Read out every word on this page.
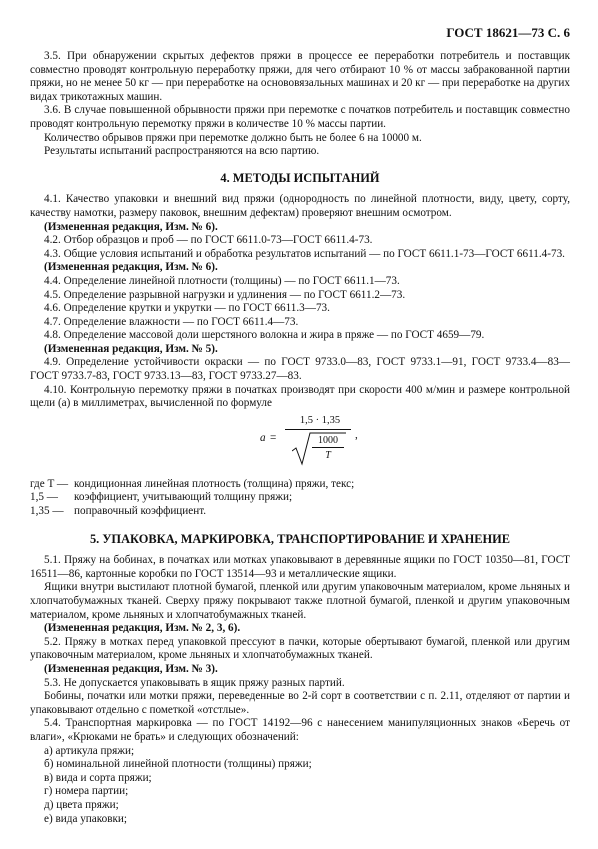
ГОСТ 18621—73 С. 6

3.5. При обнаружении скрытых дефектов пряжи в процессе ее переработки потребитель и поставщик совместно проводят контрольную переработку пряжи, для чего отбирают 10 % от массы забракованной партии пряжи, но не менее 50 кг — при переработке на основовязальных машинах и 20 кг — при переработке на других видах трикотажных машин.

3.6. В случае повышенной обрывности пряжи при перемотке с початков потребитель и поставщик совместно проводят контрольную перемотку пряжи в количестве 10 % массы партии.

Количество обрывов пряжи при перемотке должно быть не более 6 на 10000 м.

Результаты испытаний распространяются на всю партию.

4. МЕТОДЫ ИСПЫТАНИЙ

4.1. Качество упаковки и внешний вид пряжи (однородность по линейной плотности, виду, цвету, сорту, качеству намотки, размеру паковок, внешним дефектам) проверяют внешним осмотром.

(Измененная редакция, Изм. № 6).

4.2. Отбор образцов и проб — по ГОСТ 6611.0-73—ГОСТ 6611.4-73.

4.3. Общие условия испытаний и обработка результатов испытаний — по ГОСТ 6611.1-73—ГОСТ 6611.4-73.

(Измененная редакция, Изм. № 6).

4.4. Определение линейной плотности (толщины) — по ГОСТ 6611.1—73.

4.5. Определение разрывной нагрузки и удлинения — по ГОСТ 6611.2—73.

4.6. Определение крутки и укрутки — по ГОСТ 6611.3—73.

4.7. Определение влажности — по ГОСТ 6611.4—73.

4.8. Определение массовой доли шерстяного волокна и жира в пряже — по ГОСТ 4659—79.

(Измененная редакция, Изм. № 5).

4.9. Определение устойчивости окраски — по ГОСТ 9733.0—83, ГОСТ 9733.1—91, ГОСТ 9733.4—83—ГОСТ 9733.7-83, ГОСТ 9733.13—83, ГОСТ 9733.27—83.

4.10. Контрольную перемотку пряжи в початках производят при скорости 400 м/мин и размере контрольной щели (а) в миллиметрах, вычисленной по формуле

a =
1,5 · 1,35
,
1000
T
где T — кондиционная линейная плотность (толщина) пряжи, текс;
1,5 —	коэффициент, учитывающий толщину пряжи;
1,35 — поправочный коэффициент.
5. УПАКОВКА, МАРКИРОВКА, ТРАНСПОРТИРОВАНИЕ И ХРАНЕНИЕ

5.1. Пряжу на бобинах, в початках или мотках упаковывают в деревянные ящики по ГОСТ 10350—81, ГОСТ 16511—86, картонные коробки по ГОСТ 13514—93 и металлические ящики.

Ящики внутри выстилают плотной бумагой, пленкой или другим упаковочным материалом, кроме льняных и хлопчатобумажных тканей. Сверху пряжу покрывают также плотной бумагой, пленкой и другим упаковочным материалом, кроме льняных и хлопчатобумажных тканей.

(Измененная редакция, Изм. № 2, 3, 6).

5.2. Пряжу в мотках перед упаковкой прессуют в пачки, которые обертывают бумагой, пленкой или другим упаковочным материалом, кроме льняных и хлопчатобумажных тканей.

(Измененная редакция, Изм. № 3).

5.3. Не допускается упаковывать в ящик пряжу разных партий.

Бобины, початки или мотки пряжи, переведенные во 2-й сорт в соответствии с п. 2.11, отделяют от партии и упаковывают отдельно с пометкой «отстлые».

5.4. Транспортная маркировка — по ГОСТ 14192—96 с нанесением манипуляционных знаков «Беречь от влаги», «Крюками не брать» и следующих обозначений:

а) артикула пряжи;

б) номинальной линейной плотности (толщины) пряжи;

в) вида и сорта пряжи;

г) номера партии;

д) цвета пряжи;

е) вида упаковки;
